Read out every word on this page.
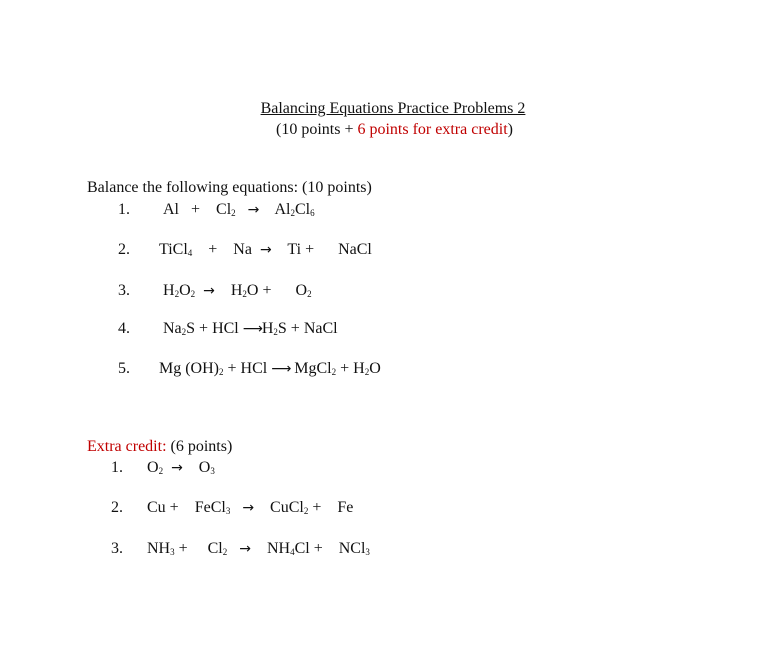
Balancing Equations Practice Problems 2
(10 points + 6 points for extra credit)
Balance the following equations: (10 points)
1. Al   +    $Cl_2$ →    $Al_2Cl_6$
2. TiCl$_4$    +    Na  →    Ti +      NaCl
3. $H_2O_2$ →    $H_2O$ +      $O_2$
4. $Na_2S$ + HCl $⟶H_2S$ + NaCl
5. Mg $(OH)_2$ + HCl ⟶ MgCl$_2$ + $H_2O$
Extra credit: (6 points)
1. $O_2$ →    $O_3$
2. Cu +    FeCl$_3$ →    CuCl$_2$ +    Fe
3. $NH_3$ +     $Cl_2$ →    $NH_4Cl$ +    NCl$_3$
